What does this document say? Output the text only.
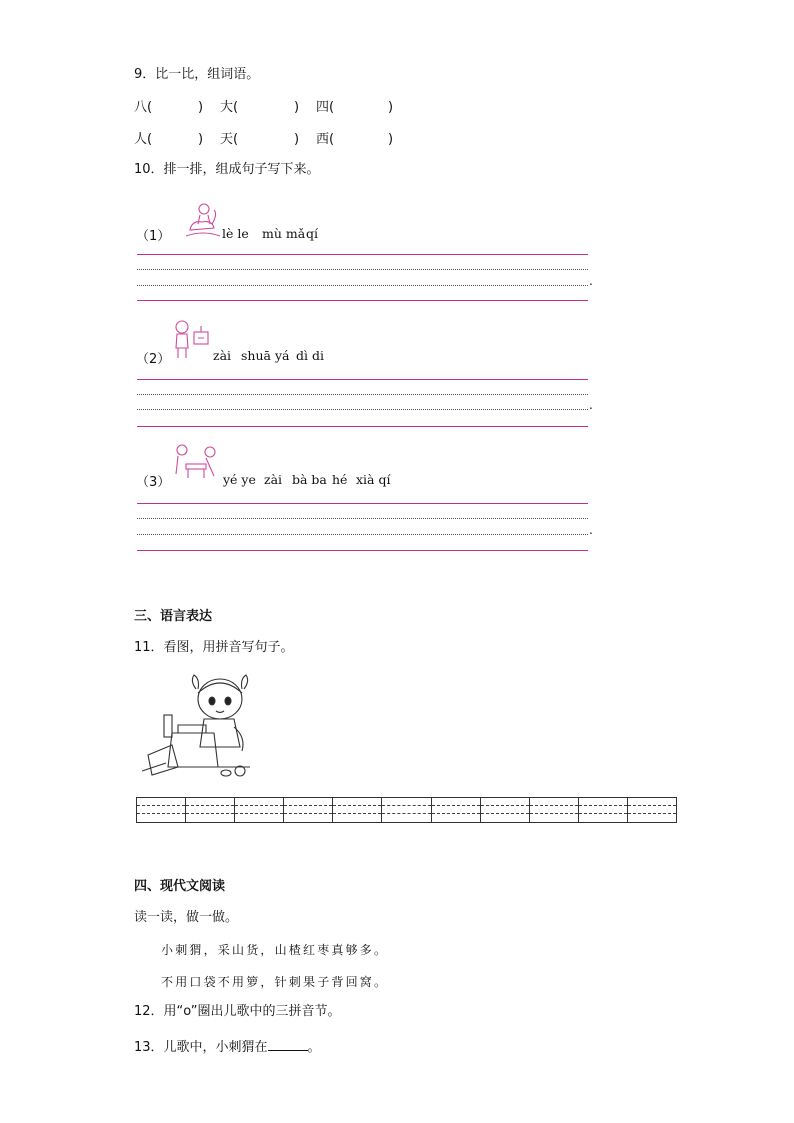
9．比一比，组词语。
八(	) 大(	) 四(	)
人(	) 天(	) 西(	)
10．排一排，组成句子写下来。
（1）	lè le mù mǎqí
.
（2）	zài shuā yá dì di
.
（3）	yé ye zài bà ba hé xià qí
.
三、语言表达
11．看图，用拼音写句子。
四、现代文阅读
读一读，做一做。
小刺猬，采山货，山楂红枣真够多。
不用口袋不用箩，针刺果子背回窝。
12．用“o”圈出儿歌中的三拼音节。
13．儿歌中，小刺猬在	。
